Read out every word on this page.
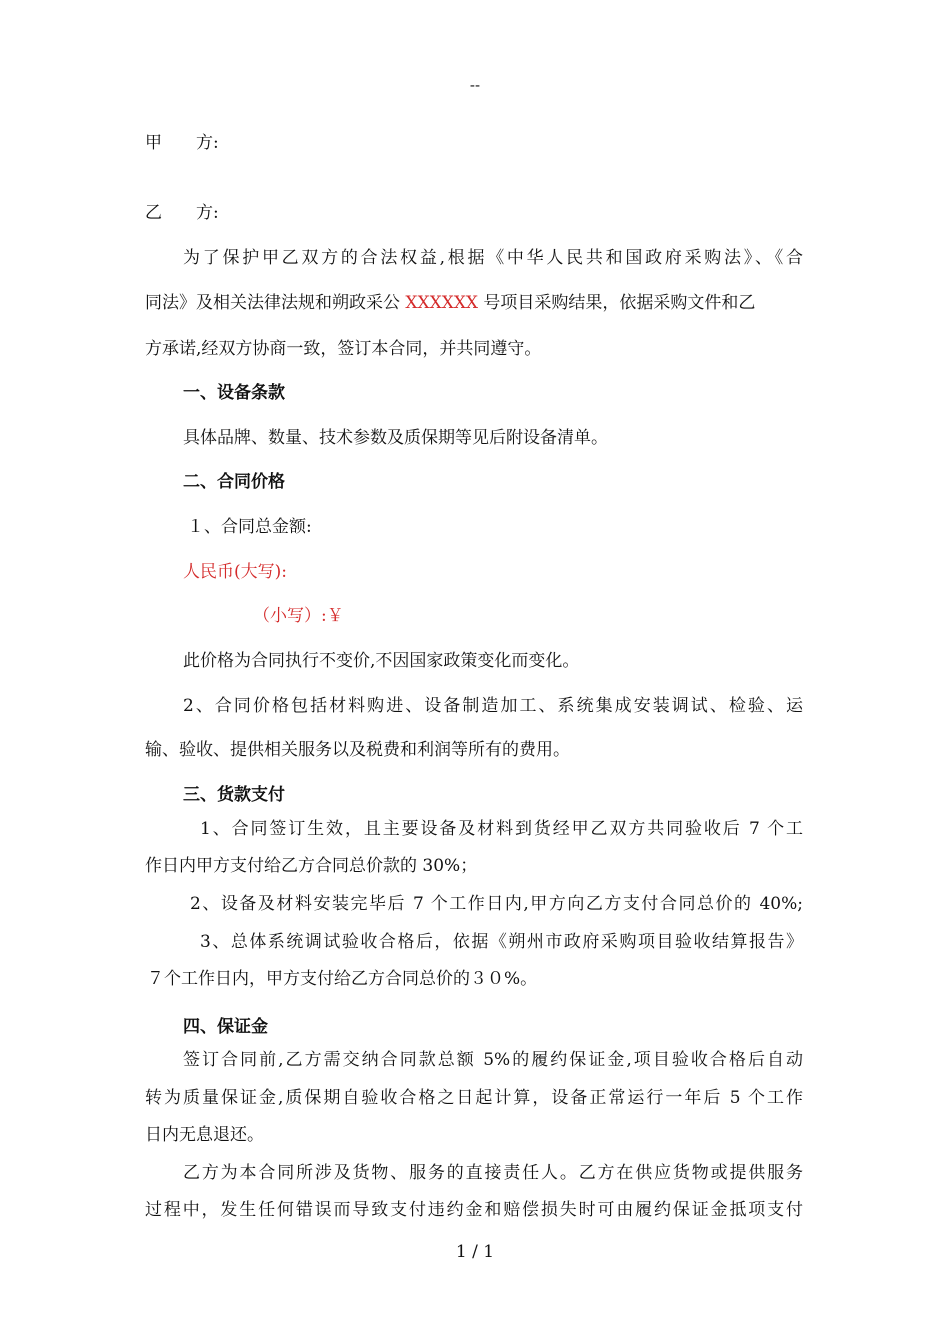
--
甲　　方:
乙　　方:
为了保护甲乙双方的合法权益,根据《中华人民共和国政府采购法》、《合
同法》及相关法律法规和朔政采公 XXXXXX 号项目采购结果，依据采购文件和乙
方承诺,经双方协商一致，签订本合同，并共同遵守。
一、设备条款
具体品牌、数量、技术参数及质保期等见后附设备清单。
二、合同价格
１、合同总金额:
人民币(大写):
（小写）:￥
此价格为合同执行不变价,不因国家政策变化而变化。
2、合同价格包括材料购进、设备制造加工、系统集成安装调试、检验、运
输、验收、提供相关服务以及税费和利润等所有的费用。
三、货款支付
1、合同签订生效，且主要设备及材料到货经甲乙双方共同验收后 7 个工
作日内甲方支付给乙方合同总价款的 30%；
2、设备及材料安装完毕后 7 个工作日内,甲方向乙方支付合同总价的 40%;
3、总体系统调试验收合格后，依据《朔州市政府采购项目验收结算报告》
７个工作日内，甲方支付给乙方合同总价的３０%。
四、保证金
签订合同前,乙方需交纳合同款总额 5%的履约保证金,项目验收合格后自动
转为质量保证金,质保期自验收合格之日起计算，设备正常运行一年后 5 个工作
日内无息退还。
乙方为本合同所涉及货物、服务的直接责任人。乙方在供应货物或提供服务
过程中，发生任何错误而导致支付违约金和赔偿损失时可由履约保证金抵项支付
1 / 1
